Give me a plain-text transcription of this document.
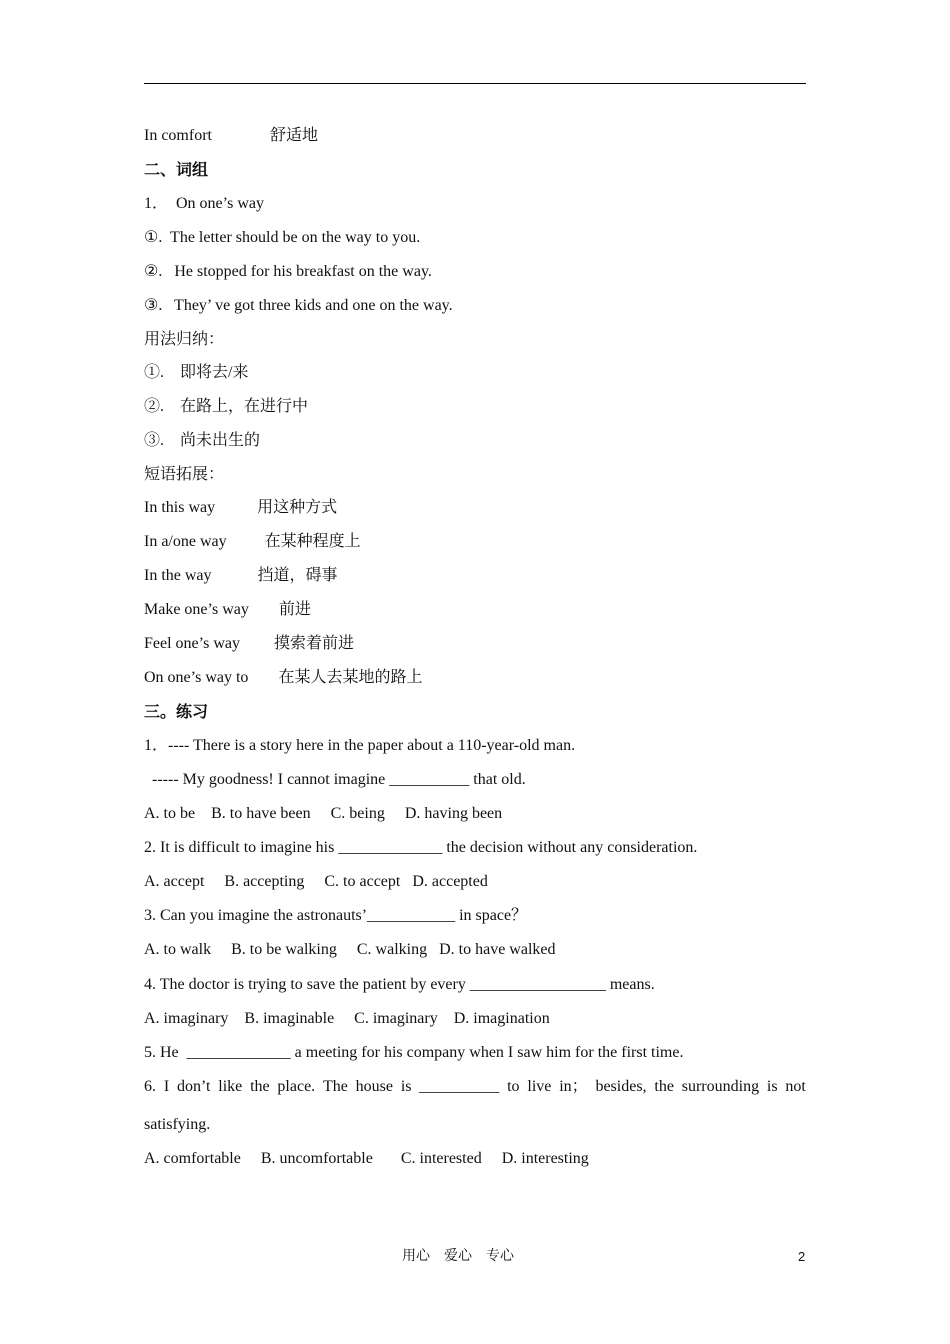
In comfort	舒适地
二、词组
1．  On one’s way
①.  The letter should be on the way to you.
②.   He stopped for his breakfast on the way.
③.   They’ ve got three kids and one on the way.
用法归纳：
①.    即将去/来
②.    在路上，在进行中
③.    尚未出生的
短语拓展：
In this way	用这种方式
In a/one way 在某种程度上
In the way	挡道，碍事
Make one’s way 前进
Feel one’s way 摸索着前进
On one’s way to 在某人去某地的路上
三。练习
1．---- There is a story here in the paper about a 110-year-old man.
----- My goodness! I cannot imagine __________ that old.
A. to be    B. to have been     C. being     D. having been
2. It is difficult to imagine his _____________ the decision without any consideration.
A. accept     B. accepting     C. to accept   D. accepted
3. Can you imagine the astronauts’___________ in space？
A. to walk     B. to be walking     C. walking   D. to have walked
4. The doctor is trying to save the patient by every _________________ means.
A. imaginary    B. imaginable     C. imaginary    D. imagination
5. He  _____________ a meeting for his company when I saw him for the first time.
6. I don’t like the place. The house is __________ to live in； besides, the surrounding is not
satisfying.
A. comfortable     B. uncomfortable       C. interested     D. interesting
用心    爱心    专心	2
